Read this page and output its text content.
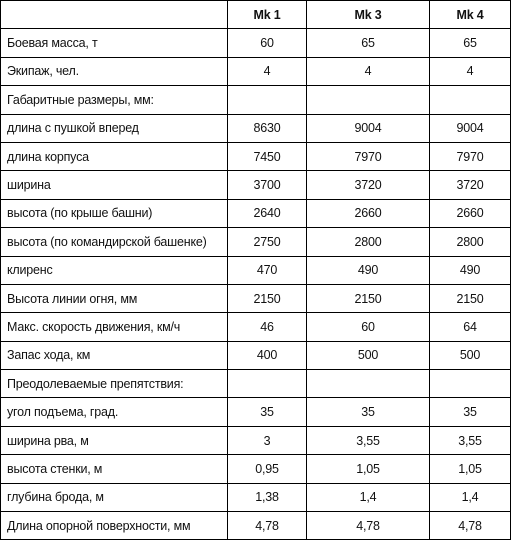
	Mk 1	Mk 3	Mk 4
Боевая масса, т	60	65	65
Экипаж, чел.	4	4	4
Габаритные размеры, мм:			
длина с пушкой вперед	8630	9004	9004
длина корпуса	7450	7970	7970
ширина	3700	3720	3720
высота (по крыше башни)	2640	2660	2660
высота (по командирской башенке)	2750	2800	2800
клиренс	470	490	490
Высота линии огня, мм	2150	2150	2150
Макс. скорость движения, км/ч	46	60	64
Запас хода, км	400	500	500
Преодолеваемые препятствия:			
угол подъема, град.	35	35	35
ширина рва, м	3	3,55	3,55
высота стенки, м	0,95	1,05	1,05
глубина брода, м	1,38	1,4	1,4
Длина опорной поверхности, мм	4,78	4,78	4,78
